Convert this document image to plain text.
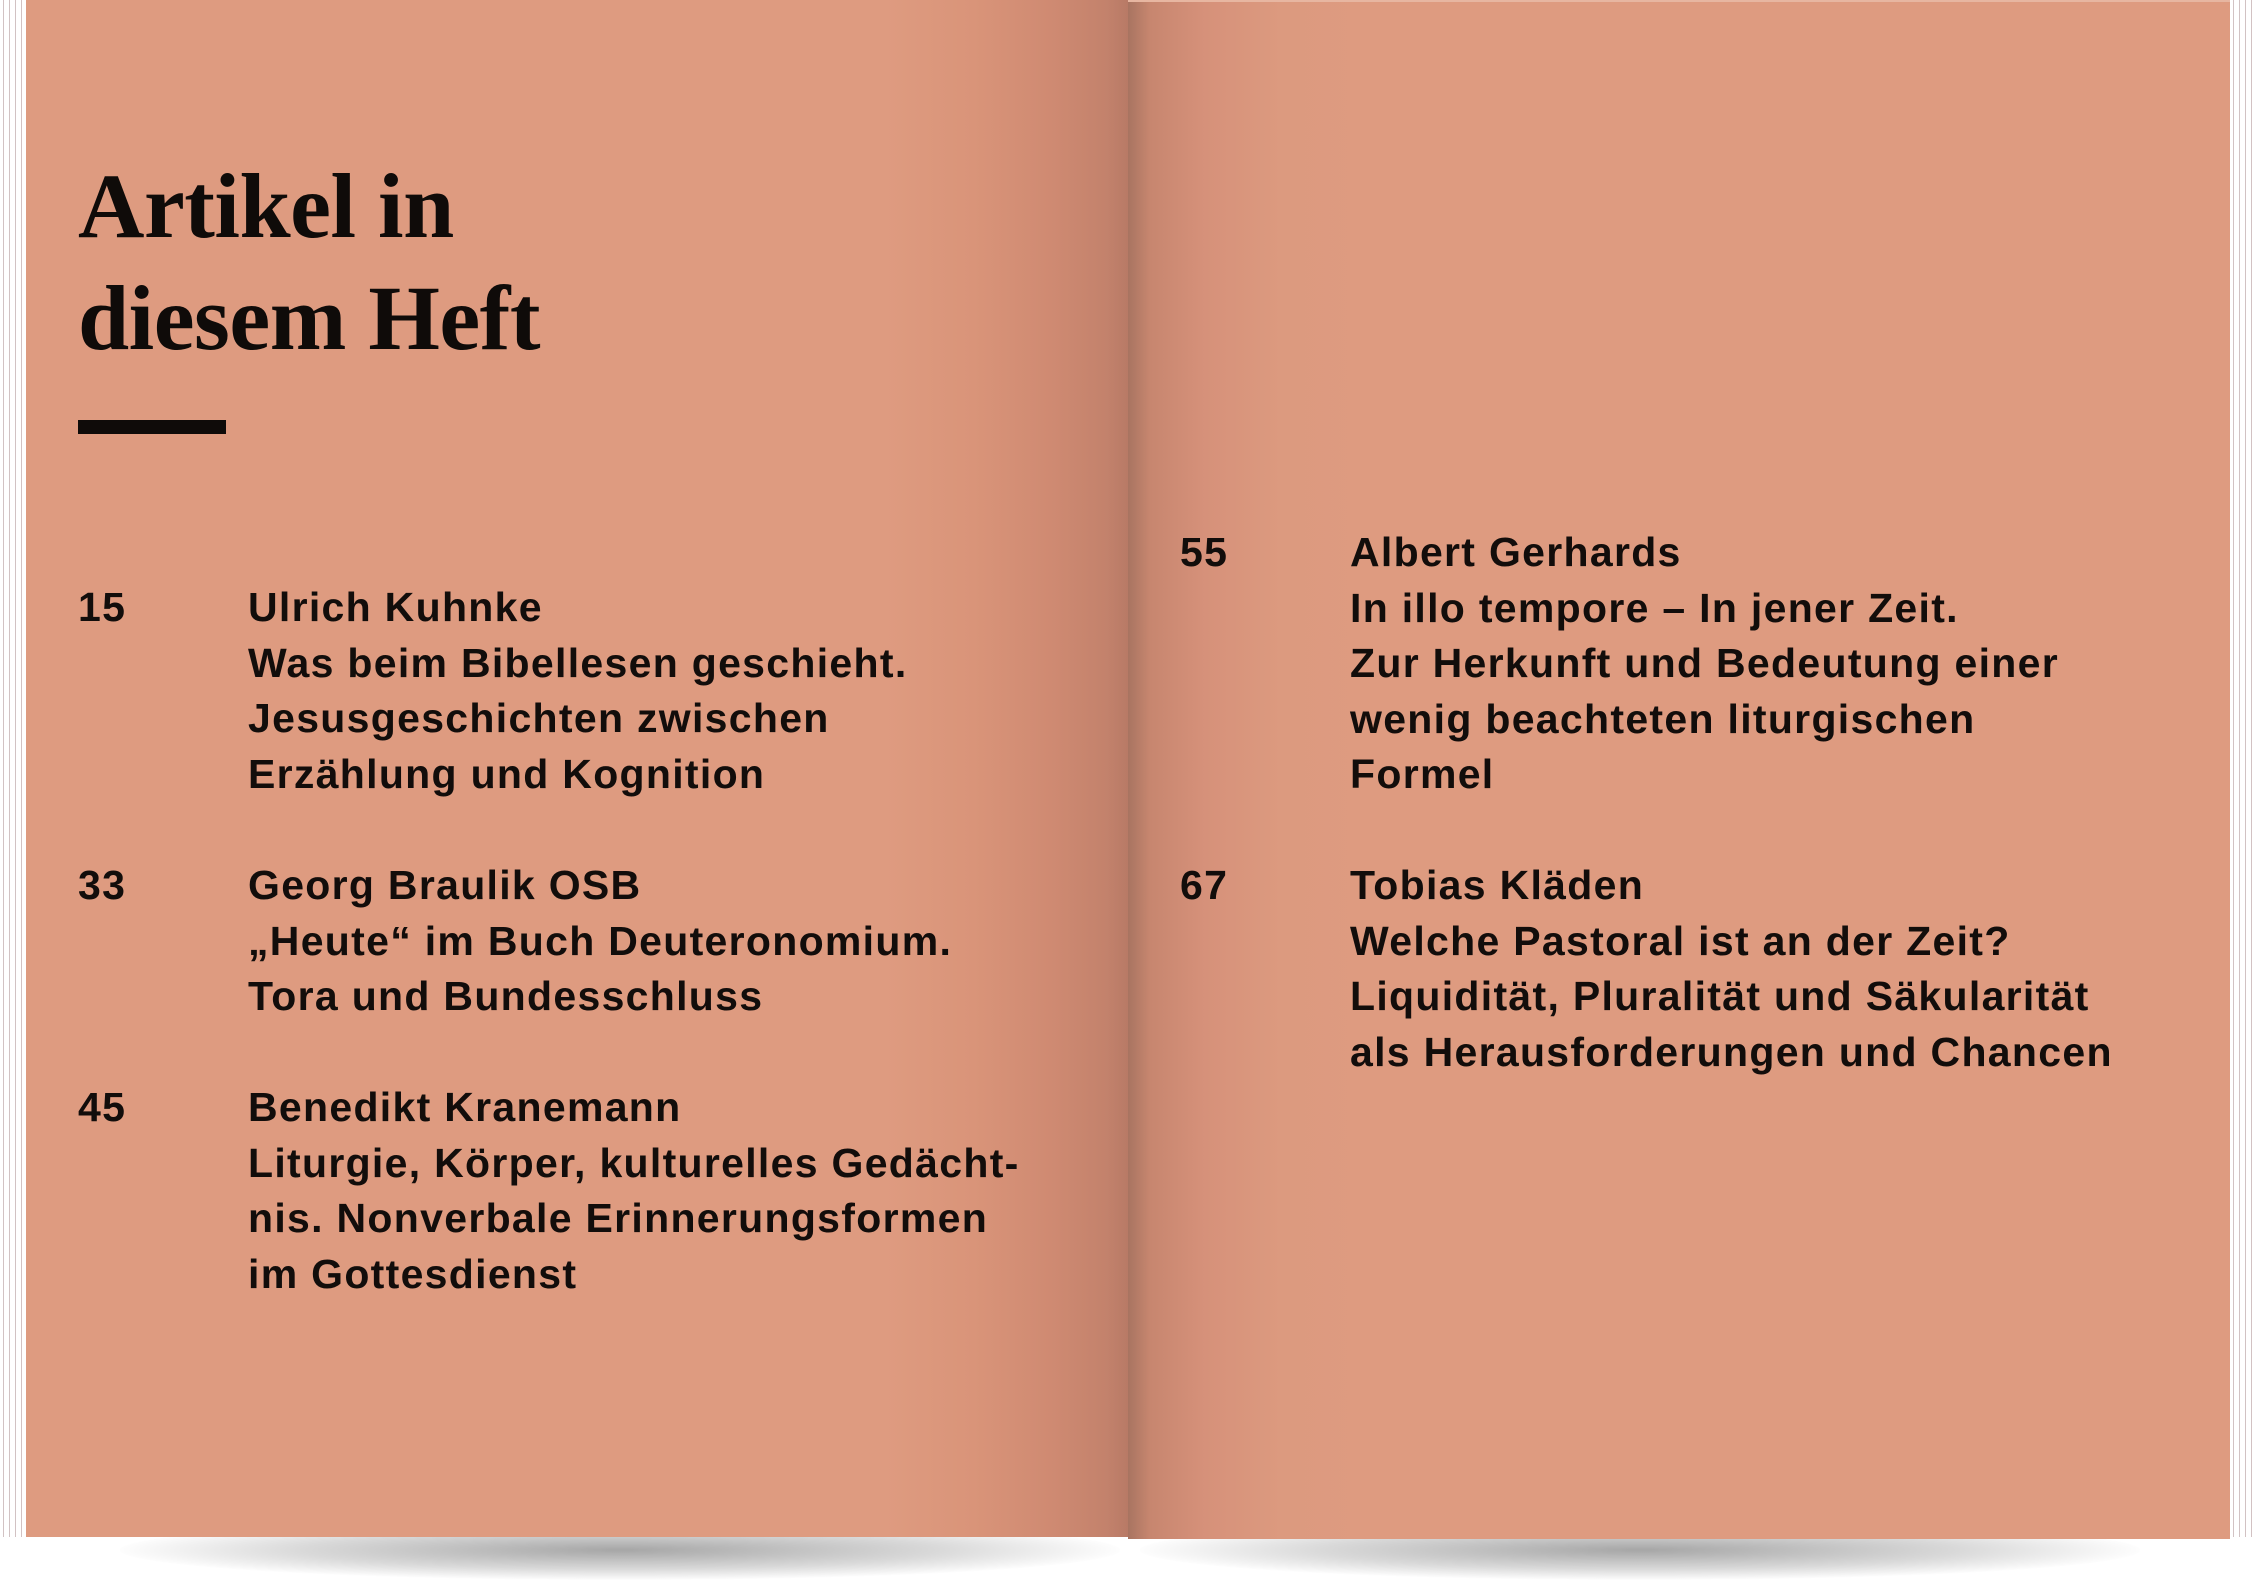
Artikel in
diesem Heft
15	Ulrich Kuhnke
Was beim Bibellesen geschieht.
Jesusgeschichten zwischen
Erzählung und Kognition
33	Georg Braulik OSB
„Heute“ im Buch Deuteronomium.
Tora und Bundesschluss
45	Benedikt Kranemann
Liturgie, Körper, kulturelles Gedächt-
nis. Nonverbale Erinnerungsformen
im Gottesdienst
55	Albert Gerhards
In illo tempore – In jener Zeit.
Zur Herkunft und Bedeutung einer
wenig beachteten liturgischen
Formel
67	Tobias Kläden
Welche Pastoral ist an der Zeit?
Liquidität, Pluralität und Säkularität
als Herausforderungen und Chancen
